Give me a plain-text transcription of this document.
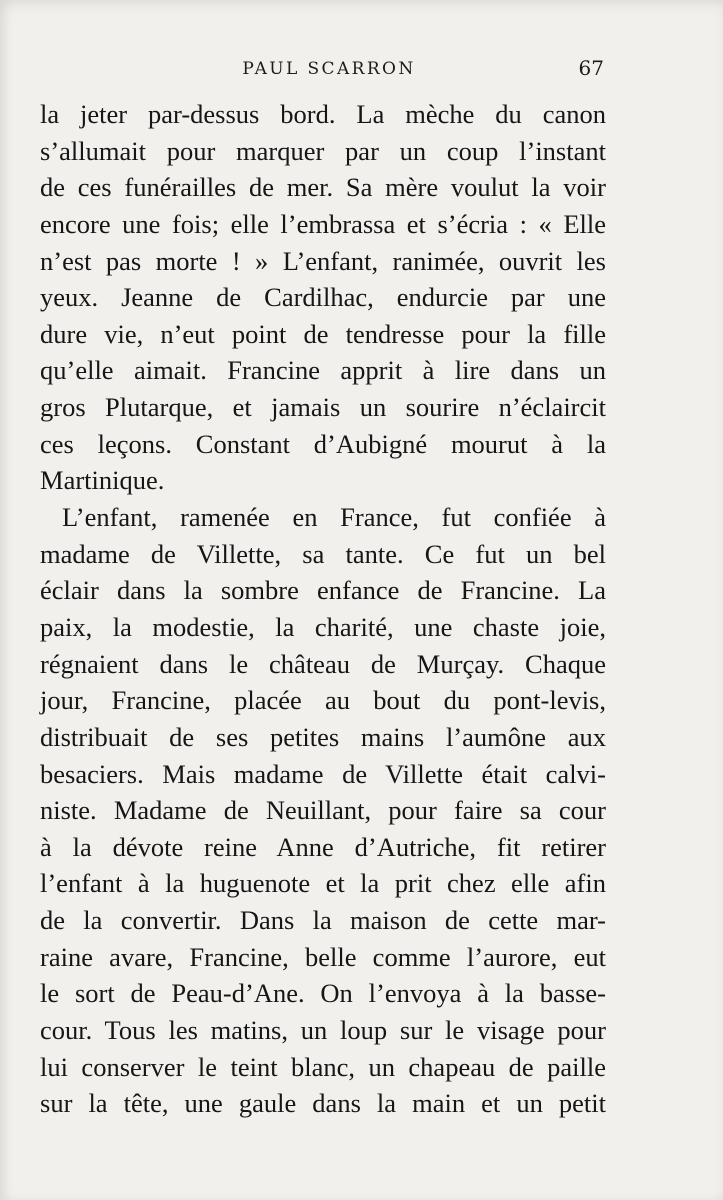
PAUL SCARRON	67
la jeter par-dessus bord. La mèche du canon
s’allumait pour marquer par un coup l’instant
de ces funérailles de mer. Sa mère voulut la voir
encore une fois; elle l’embrassa et s’écria : « Elle
n’est pas morte ! » L’enfant, ranimée, ouvrit les
yeux. Jeanne de Cardilhac, endurcie par une
dure vie, n’eut point de tendresse pour la fille
qu’elle aimait. Francine apprit à lire dans un
gros Plutarque, et jamais un sourire n’éclaircit
ces leçons. Constant d’Aubigné mourut à la
Martinique.
L’enfant, ramenée en France, fut confiée à
madame de Villette, sa tante. Ce fut un bel
éclair dans la sombre enfance de Francine. La
paix, la modestie, la charité, une chaste joie,
régnaient dans le château de Murçay. Chaque
jour, Francine, placée au bout du pont-levis,
distribuait de ses petites mains l’aumône aux
besaciers. Mais madame de Villette était calvi-
niste. Madame de Neuillant, pour faire sa cour
à la dévote reine Anne d’Autriche, fit retirer
l’enfant à la huguenote et la prit chez elle afin
de la convertir. Dans la maison de cette mar-
raine avare, Francine, belle comme l’aurore, eut
le sort de Peau-d’Ane. On l’envoya à la basse-
cour. Tous les matins, un loup sur le visage pour
lui conserver le teint blanc, un chapeau de paille
sur la tête, une gaule dans la main et un petit
